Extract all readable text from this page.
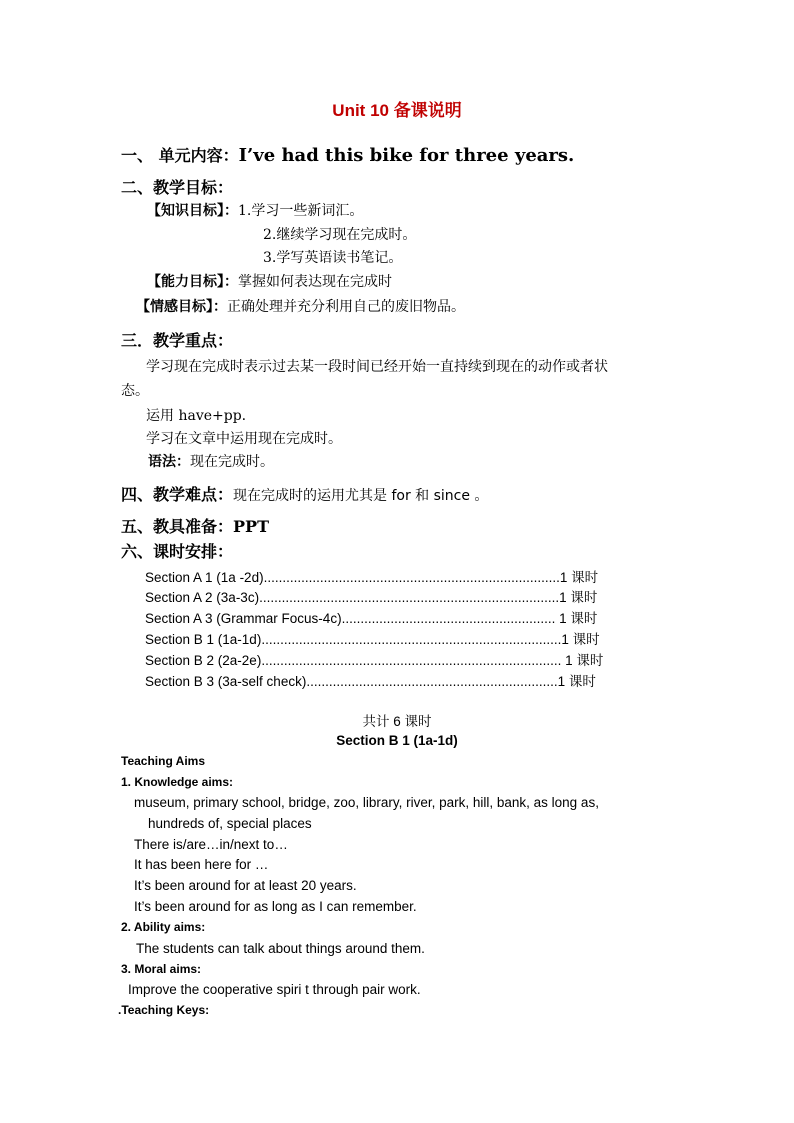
Unit 10 备课说明
一、 单元内容：I’ve had this bike for three years.
二、教学目标：
【知识目标】：1.学习一些新词汇。
2.继续学习现在完成时。
3.学写英语读书笔记。
【能力目标】：掌握如何表达现在完成时
【情感目标】：正确处理并充分利用自己的废旧物品。
三．教学重点：
学习现在完成时表示过去某一段时间已经开始一直持续到现在的动作或者状
态。
运用 have+pp.
学习在文章中运用现在完成时。
语法：现在完成时。
四、教学难点：现在完成时的运用尤其是 for 和 since 。
五、教具准备：PPT
六、课时安排：
Section A 1 (1a -2d)...............................................................................1 课时
Section A 2 (3a-3c)................................................................................1 课时
Section A 3 (Grammar Focus-4c)......................................................... 1 课时
Section B 1 (1a-1d)................................................................................1 课时
Section B 2 (2a-2e)................................................................................ 1 课时
Section B 3 (3a-self check)...................................................................1 课时
共计 6 课时
Section B 1 (1a-1d)
Teaching Aims
1. Knowledge aims:
museum, primary school, bridge, zoo, library, river, park, hill, bank, as long as,
hundreds of, special places
There is/are…in/next to…
It has been here for …
It’s been around for at least 20 years.
It’s been around for as long as I can remember.
2. Ability aims:
The students can talk about things around them.
3. Moral aims:
Improve the cooperative spiri t through pair work.
.Teaching Keys:
